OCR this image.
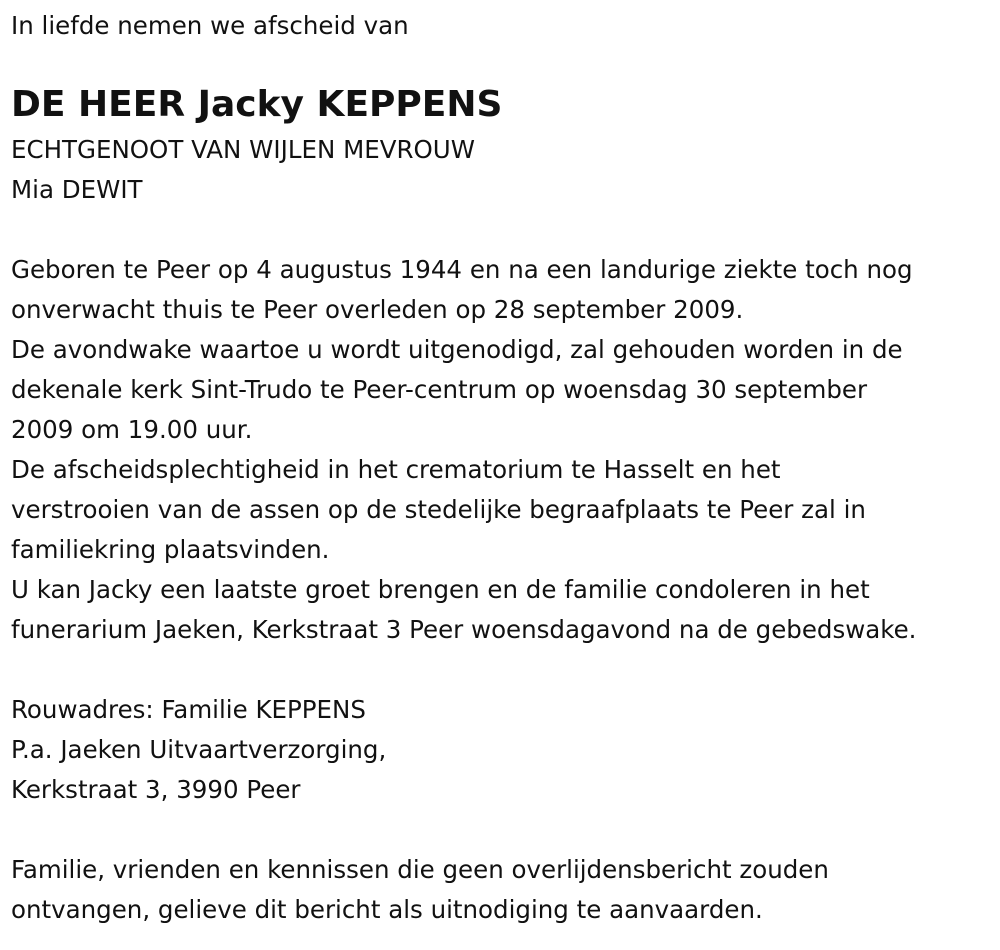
In liefde nemen we afscheid van

DE HEER Jacky KEPPENS

ECHTGENOOT VAN WIJLEN MEVROUW

Mia DEWIT

Geboren te Peer op 4 augustus 1944 en na een landurige ziekte toch nog

onverwacht thuis te Peer overleden op 28 september 2009.

De avondwake waartoe u wordt uitgenodigd, zal gehouden worden in de

dekenale kerk Sint-Trudo te Peer-centrum op woensdag 30 september

2009 om 19.00 uur.

De afscheidsplechtigheid in het crematorium te Hasselt en het

verstrooien van de assen op de stedelijke begraafplaats te Peer zal in

familiekring plaatsvinden.

U kan Jacky een laatste groet brengen en de familie condoleren in het

funerarium Jaeken, Kerkstraat 3 Peer woensdagavond na de gebedswake.

Rouwadres: Familie KEPPENS

P.a. Jaeken Uitvaartverzorging,

Kerkstraat 3, 3990 Peer

Familie, vrienden en kennissen die geen overlijdensbericht zouden

ontvangen, gelieve dit bericht als uitnodiging te aanvaarden.
